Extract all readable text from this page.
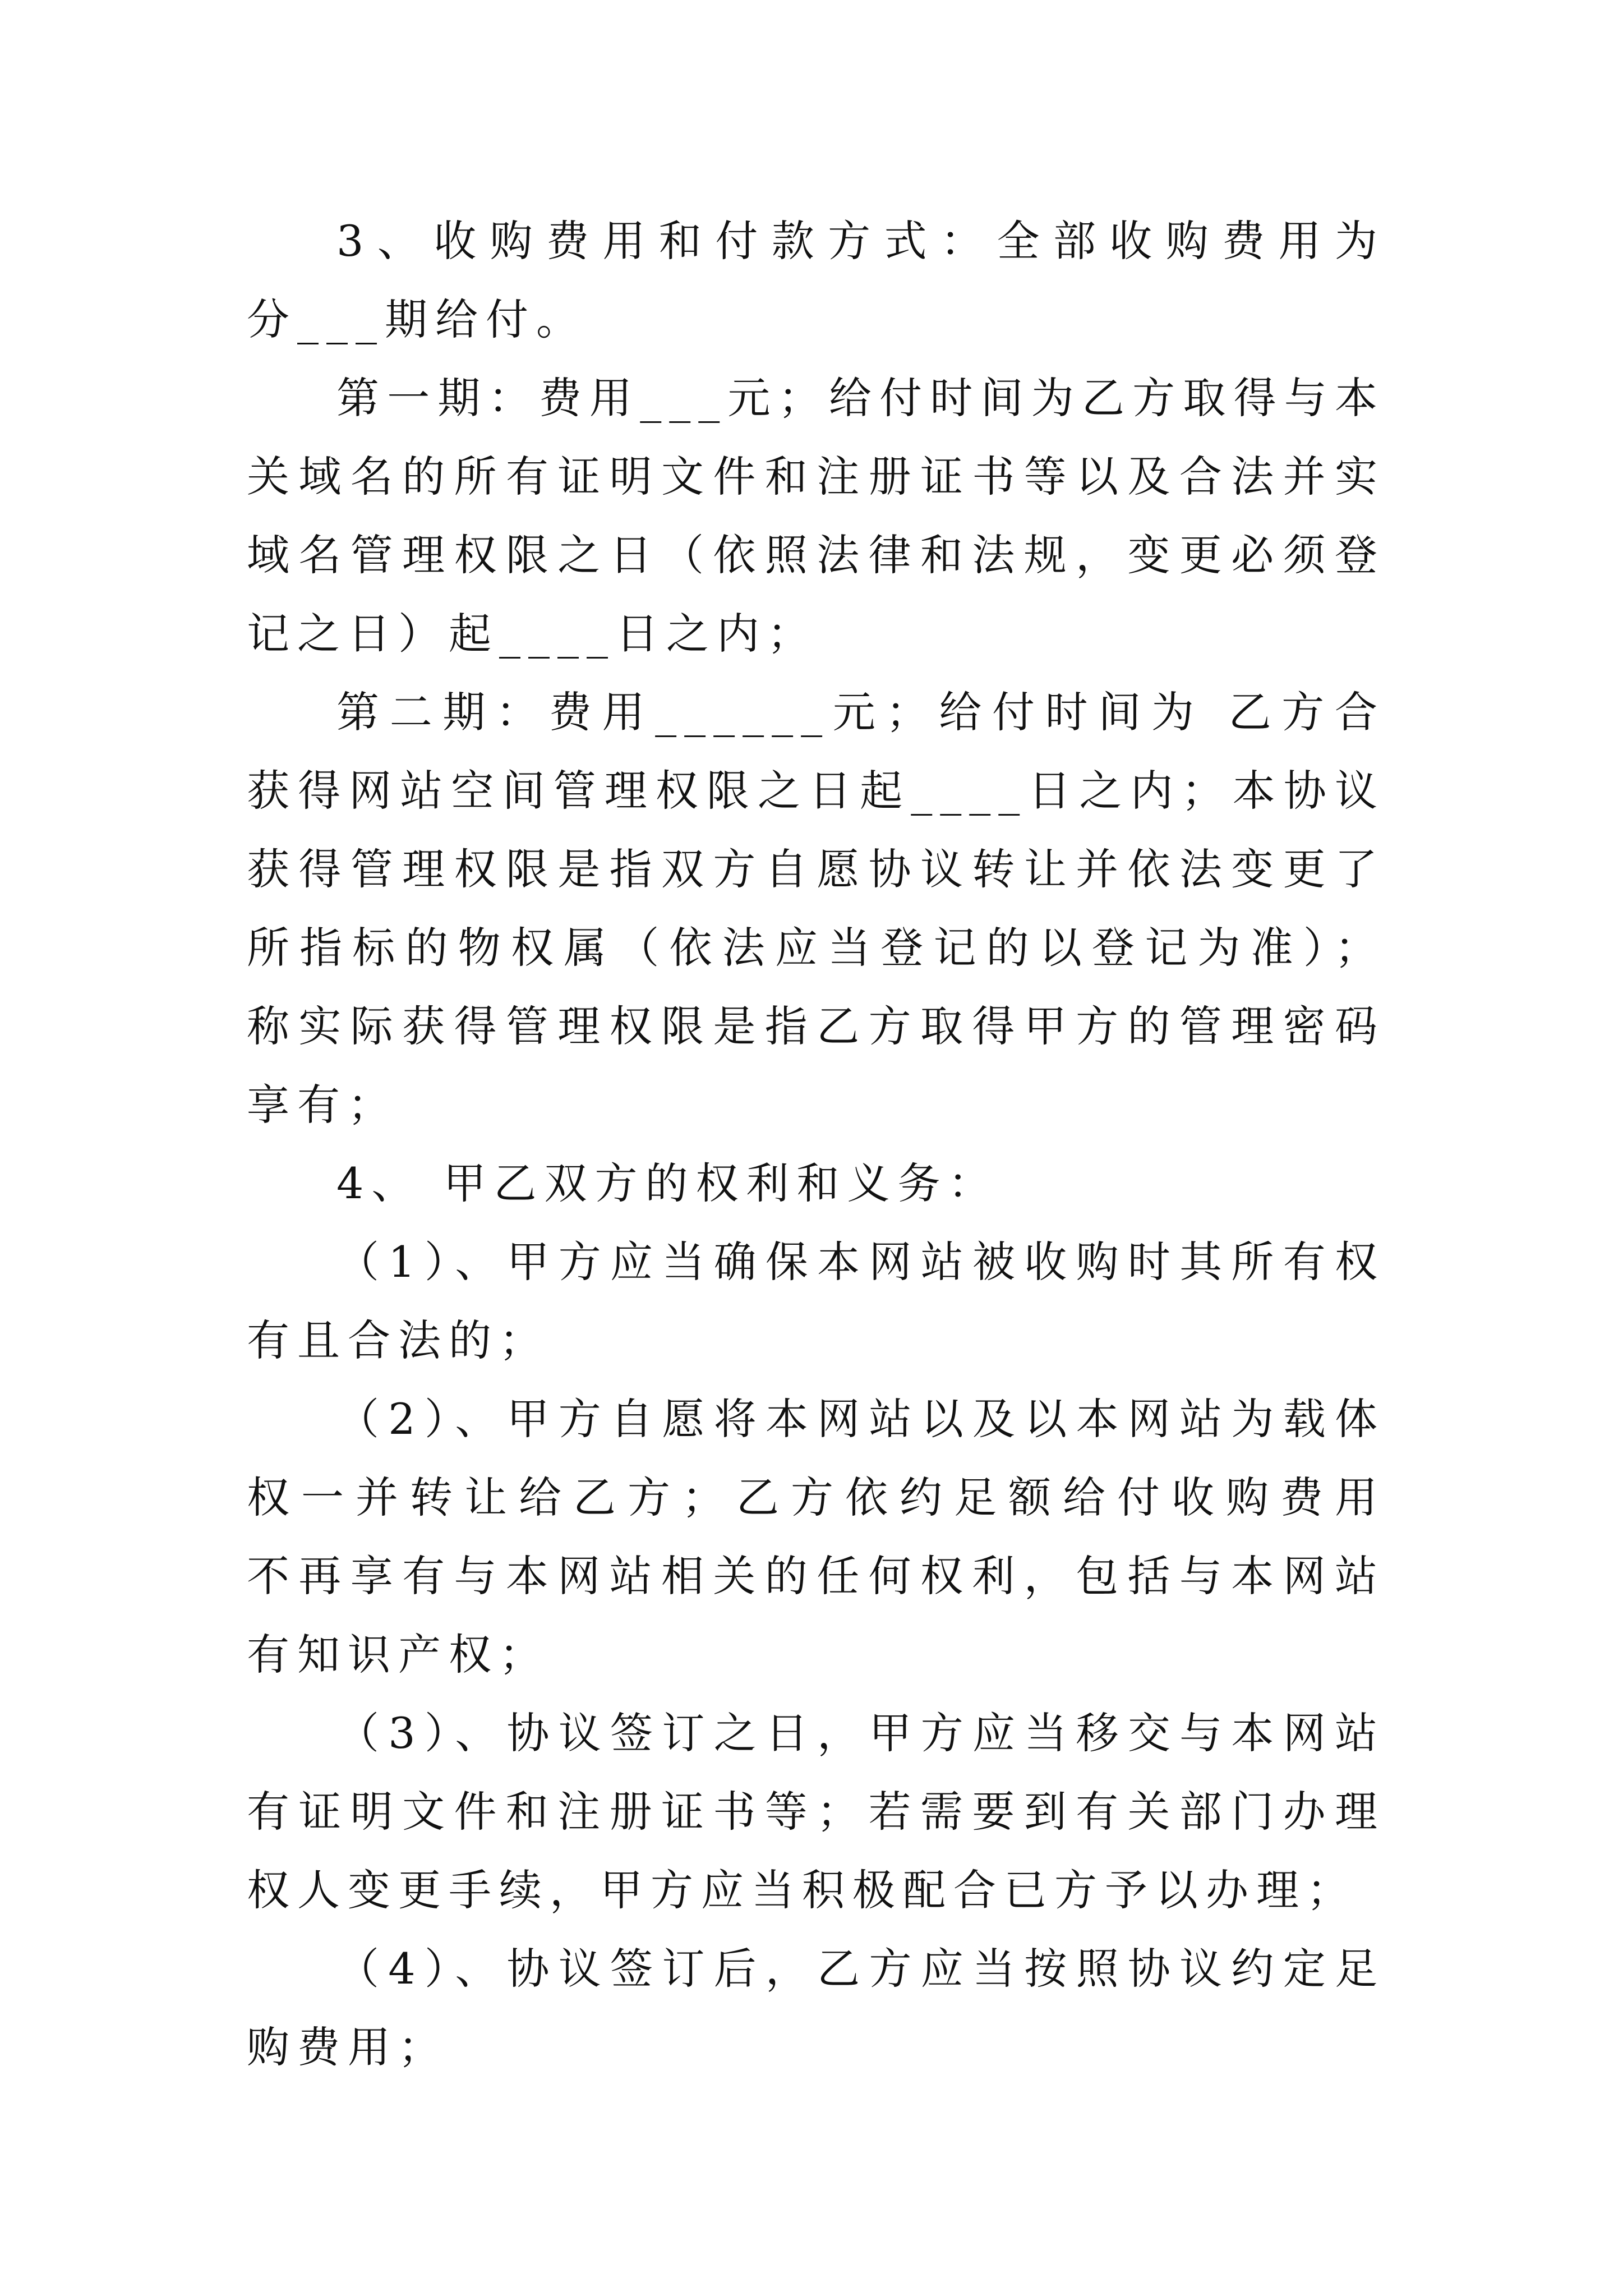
3、收购费用和付款方式：全部收购费用为
分___期给付。
第一期：费用___元；给付时间为乙方取得与本
关域名的所有证明文件和注册证书等以及合法并实
域名管理权限之日（依照法律和法规，变更必须登
记之日）起____日之内；
第二期：费用______元；给付时间为 乙方合
获得网站空间管理权限之日起____日之内；本协议
获得管理权限是指双方自愿协议转让并依法变更了
所指标的物权属（依法应当登记的以登记为准）；
称实际获得管理权限是指乙方取得甲方的管理密码
享有；
4、 甲乙双方的权利和义务：
（1）、甲方应当确保本网站被收购时其所有权
有且合法的；
（2）、甲方自愿将本网站以及以本网站为载体
权一并转让给乙方；乙方依约足额给付收购费用
不再享有与本网站相关的任何权利，包括与本网站
有知识产权；
（3）、协议签订之日，甲方应当移交与本网站
有证明文件和注册证书等；若需要到有关部门办理
权人变更手续，甲方应当积极配合已方予以办理；
（4）、协议签订后，乙方应当按照协议约定足
购费用；
